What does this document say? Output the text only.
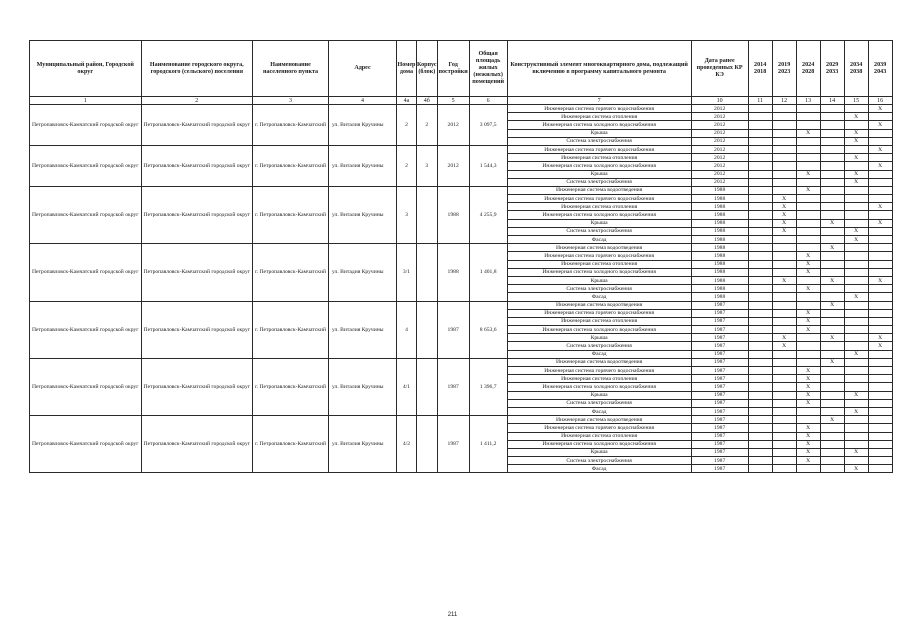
Муниципальный район, Городской округ	Наименование городского округа, городского (сельского) поселения	Наименование населенного пункта	Адрес	Номер дома	Корпус (блок)	Год постройки	Общая площадь жилых (нежилых) помещений	Конструктивный элемент многоквартирного дома, подлежащий включению в программу капитального ремонта	Дата ранее проведенных КР КЭ	2014 2018	2019 2023	2024 2028	2029 2033	2034 2038	2039 2043
1	2	3	4	4а	4б	5	6	7	10	11	12	13	14	15	16
Петропавловск-Камчатский городской округ	Петропавловск-Камчатский городской округ	г. Петропавловск-Камчатский	ул. Виталия Кручины	2	2	2012	3 097,5	Инженерная система горячего водоснабжения	2012						X
								Инженерная система отопления	2012					X	
								Инженерная система холодного водоснабжения	2012						X
								Крыша	2012			X		X	
								Система электроснабжения	2012					X	
Петропавловск-Камчатский городской округ	Петропавловск-Камчатский городской округ	г. Петропавловск-Камчатский	ул. Виталия Кручины	2	3	2012	1 544,3	Инженерная система горячего водоснабжения	2012						X
								Инженерная система отопления	2012					X	
								Инженерная система холодного водоснабжения	2012						X
								Крыша	2012			X		X	
								Система электроснабжения	2012					X	
Петропавловск-Камчатский городской округ	Петропавловск-Камчатский городской округ	г. Петропавловск-Камчатский	ул. Виталия Кручины	3		1988	4 255,9	Инженерная система водоотведения	1988			X			
								Инженерная система горячего водоснабжения	1988		X				
								Инженерная система отопления	1988		X				X
								Инженерная система холодного водоснабжения	1988		X				
								Крыша	1988		X		X		X
								Система электроснабжения	1988		X			X	
								Фасад	1988					X	
Петропавловск-Камчатский городской округ	Петропавловск-Камчатский городской округ	г. Петропавловск-Камчатский	ул. Витадия Кручины	3/1		1988	1 401,8	Инженерная система водоотведения	1988				X		
								Инженерная система горячего водоснабжения	1988			X			
								Инженерная система отопления	1988			X			
								Инженерная система холодного водоснабжения	1988			X			
								Крыша	1988		X		X		X
								Система электроснабжения	1988			X			
								Фасад	1988					X	
Петропавловск-Камчатский городской округ	Петропавловск-Камчатский городской округ	г. Петропавловск-Камчатский	ул. Виталия Кручины	4		1987	8 653,6	Инженерная система водоотведения	1987				X		
								Инженерная система горячего водоснабжения	1987			X			
								Инженерная система отопления	1987			X			
								Инженерная система холодного водоснабжения	1987			X			
								Крыша	1987		X		X		X
								Система электроснабжения	1987		X				X
								Фасад	1987					X	
Петропавловск-Камчатский городской округ	Петропавловск-Камчатский городской округ	г. Петропавловск-Камчатский	ул. Виталия Кручины	4/1		1987	1 396,7	Инженерная система водоотведения	1987				X		
								Инженерная система горячего водоснабжения	1987			X			
								Инженерная система отопления	1987			X			
								Инженерная система холодного водоснабжения	1987			X			
								Крыша	1987			X		X	
								Система электроснабжения	1987			X			
								Фасад	1987					X	
Петропавловск-Камчатский городской округ	Петропавловск-Камчатский городской округ	г. Петропавловск-Камчатский	ул. Виталия Кручины	4/2		1987	1 411,2	Инженерная система водоотведения	1987				X		
								Инженерная система горячего водоснабжения	1987			X			
								Инженерная система отопления	1987			X			
								Инженерная система холодного водоснабжения	1987			X			
								Крыша	1987			X		X	
								Система электроснабжения	1987			X			
								Фасад	1987					X	
211
